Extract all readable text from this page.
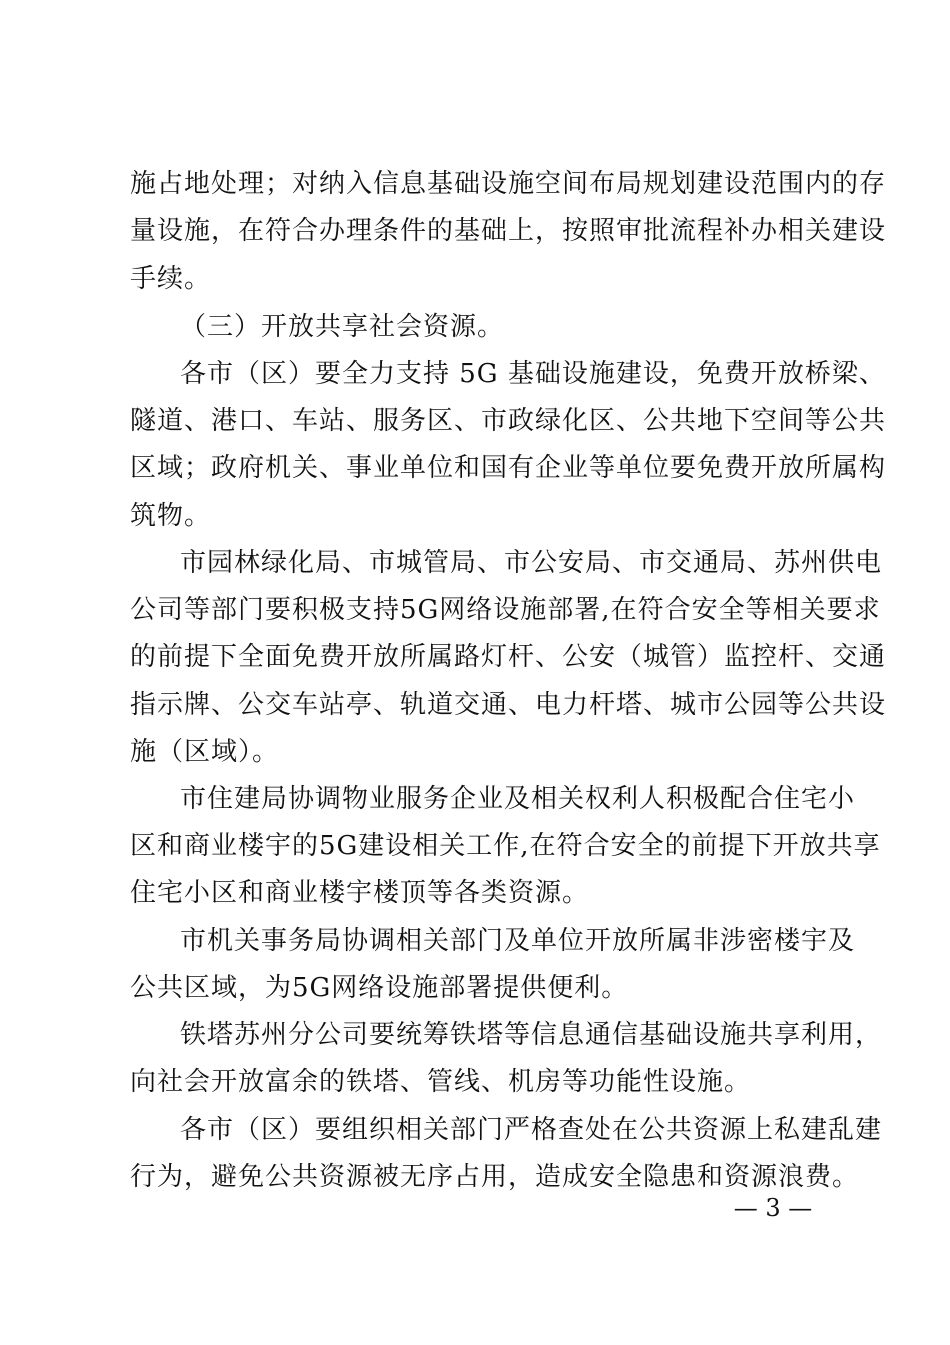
施占地处理；对纳入信息基础设施空间布局规划建设范围内的存
量设施，在符合办理条件的基础上，按照审批流程补办相关建设
手续。
（三）开放共享社会资源。
各市（区）要全力支持 5G 基础设施建设，免费开放桥梁、
隧道、港口、车站、服务区、市政绿化区、公共地下空间等公共
区域；政府机关、事业单位和国有企业等单位要免费开放所属构
筑物。
市园林绿化局、市城管局、市公安局、市交通局、苏州供电
公司等部门要积极支持5G网络设施部署,在符合安全等相关要求
的前提下全面免费开放所属路灯杆、公安（城管）监控杆、交通
指示牌、公交车站亭、轨道交通、电力杆塔、城市公园等公共设
施（区域）。
市住建局协调物业服务企业及相关权利人积极配合住宅小
区和商业楼宇的5G建设相关工作,在符合安全的前提下开放共享
住宅小区和商业楼宇楼顶等各类资源。
市机关事务局协调相关部门及单位开放所属非涉密楼宇及
公共区域，为5G网络设施部署提供便利。
铁塔苏州分公司要统筹铁塔等信息通信基础设施共享利用，
向社会开放富余的铁塔、管线、机房等功能性设施。
各市（区）要组织相关部门严格查处在公共资源上私建乱建
行为，避免公共资源被无序占用，造成安全隐患和资源浪费。
— 3 —
